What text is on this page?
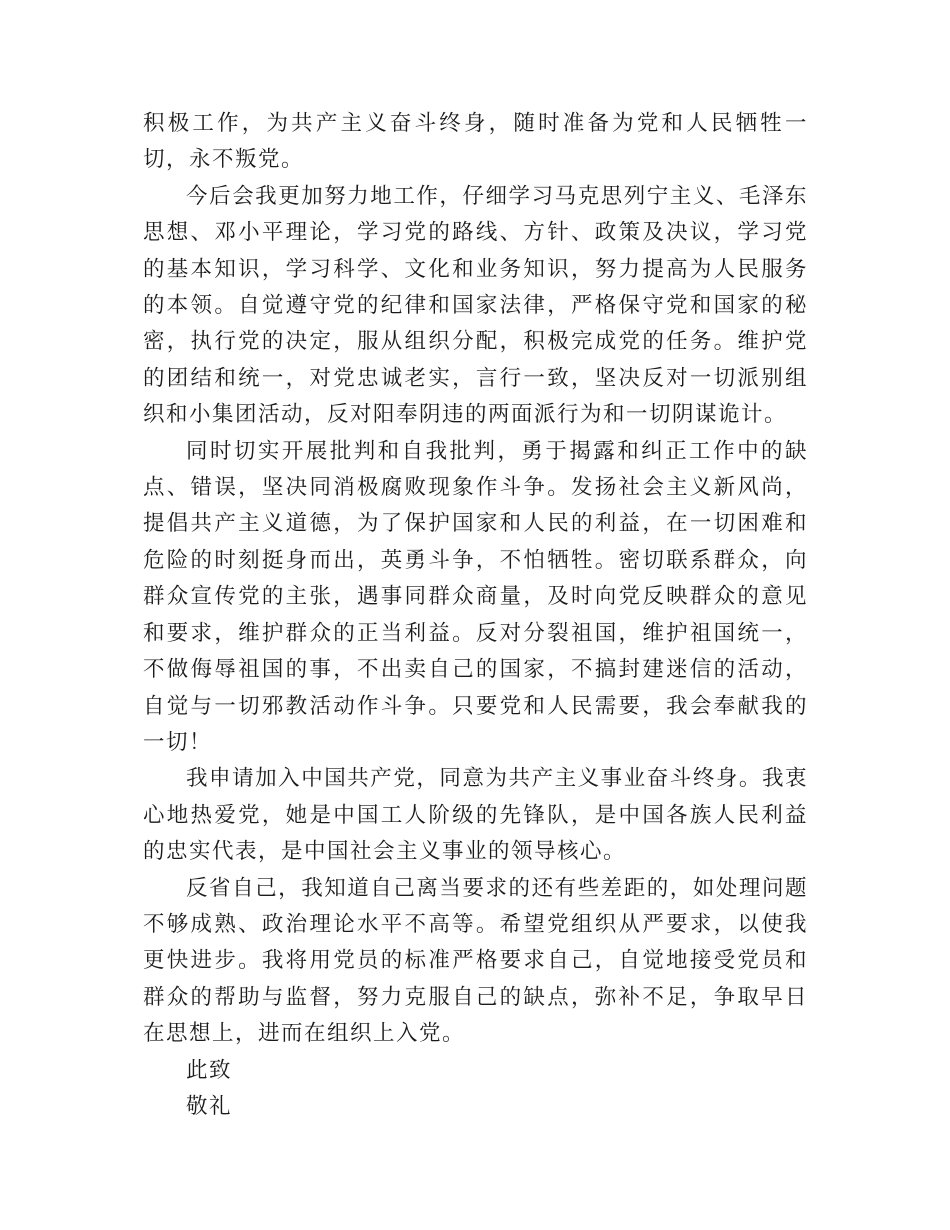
积极工作，为共产主义奋斗终身，随时准备为党和人民牺牲一切，永不叛党。

今后会我更加努力地工作，仔细学习马克思列宁主义、毛泽东思想、邓小平理论，学习党的路线、方针、政策及决议，学习党的基本知识，学习科学、文化和业务知识，努力提高为人民服务的本领。自觉遵守党的纪律和国家法律，严格保守党和国家的秘密，执行党的决定，服从组织分配，积极完成党的任务。维护党的团结和统一，对党忠诚老实，言行一致，坚决反对一切派别组织和小集团活动，反对阳奉阴违的两面派行为和一切阴谋诡计。

同时切实开展批判和自我批判，勇于揭露和纠正工作中的缺点、错误，坚决同消极腐败现象作斗争。发扬社会主义新风尚，提倡共产主义道德，为了保护国家和人民的利益，在一切困难和危险的时刻挺身而出，英勇斗争，不怕牺牲。密切联系群众，向群众宣传党的主张，遇事同群众商量，及时向党反映群众的意见和要求，维护群众的正当利益。反对分裂祖国，维护祖国统一，不做侮辱祖国的事，不出卖自己的国家，不搞封建迷信的活动，自觉与一切邪教活动作斗争。只要党和人民需要，我会奉献我的一切！

我申请加入中国共产党，同意为共产主义事业奋斗终身。我衷心地热爱党，她是中国工人阶级的先锋队，是中国各族人民利益的忠实代表，是中国社会主义事业的领导核心。

反省自己，我知道自己离当要求的还有些差距的，如处理问题不够成熟、政治理论水平不高等。希望党组织从严要求，以使我更快进步。我将用党员的标准严格要求自己，自觉地接受党员和群众的帮助与监督，努力克服自己的缺点，弥补不足，争取早日在思想上，进而在组织上入党。

此致

敬礼
